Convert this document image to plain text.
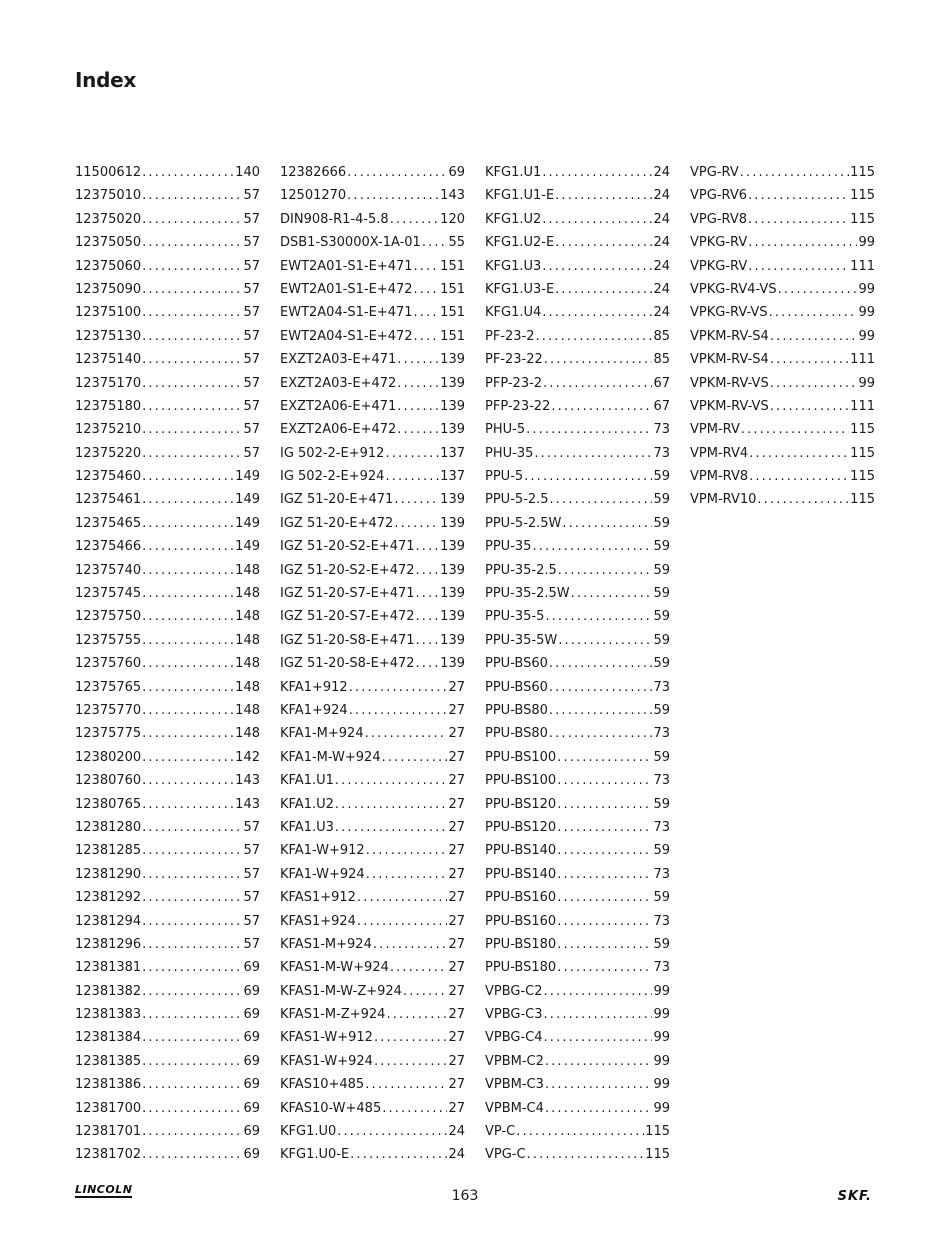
Index
11500612 . . .	140
12375010 . . .	57
12375020 . . .	57
12375050 . . .	57
12375060 . . .	57
12375090 . . .	57
12375100 . . .	57
12375130 . . .	57
12375140 . . .	57
12375170 . . .	57
12375180 . . .	57
12375210 . . .	57
12375220 . . .	57
12375460 . . .	149
12375461 . . .	149
12375465 . . .	149
12375466 . . .	149
12375740 . . .	148
12375745 . . .	148
12375750 . . .	148
12375755 . . .	148
12375760 . . .	148
12375765 . . .	148
12375770 . . .	148
12375775 . . .	148
12380200 . . .	142
12380760 . . .	143
12380765 . . .	143
12381280 . . .	57
12381285 . . .	57
12381290 . . .	57
12381292 . . .	57
12381294 . . .	57
12381296 . . .	57
12381381 . . .	69
12381382 . . .	69
12381383 . . .	69
12381384 . . .	69
12381385 . . .	69
12381386 . . .	69
12381700 . . .	69
12381701 . . .	69
12381702 . . .	69
12382666 . . .	69
12501270 . . .	143
DIN908-R1-4-5.8 . . .	120
DSB1-S30000X-1A-01 . . . 55
EWT2A01-S1-E+471 . . . 151
EWT2A01-S1-E+472 . . . 151
EWT2A04-S1-E+471 . . . 151
EWT2A04-S1-E+472 . . . 151
EXZT2A03-E+471 . . .	139
EXZT2A03-E+472 . . .	139
EXZT2A06-E+471 . . .	139
EXZT2A06-E+472 . . .	139
IG 502-2-E+912 . . .	137
IG 502-2-E+924 . . .	137
IGZ 51-20-E+471 . . .	139
IGZ 51-20-E+472 . . .	139
IGZ 51-20-S2-E+471 . . . 139
IGZ 51-20-S2-E+472 . . . 139
IGZ 51-20-S7-E+471 . . . 139
IGZ 51-20-S7-E+472 . . . 139
IGZ 51-20-S8-E+471 . . . 139
IGZ 51-20-S8-E+472 . . . 139
KFA1+912 . . .	27
KFA1+924 . . .	27
KFA1-M+924 . . .	27
KFA1-M-W+924 . . .	27
KFA1.U1 . . .	27
KFA1.U2 . . .	27
KFA1.U3 . . .	27
KFA1-W+912 . . .	27
KFA1-W+924 . . .	27
KFAS1+912 . . .	27
KFAS1+924 . . .	27
KFAS1-M+924 . . .	27
KFAS1-M-W+924 . . .	27
KFAS1-M-W-Z+924 . . .	27
KFAS1-M-Z+924 . . .	27
KFAS1-W+912 . . .	27
KFAS1-W+924 . . .	27
KFAS10+485 . . .	27
KFAS10-W+485 . . .	27
KFG1.U0 . . .	24
KFG1.U0-E . . .	24
KFG1.U1 . . .	24
KFG1.U1-E . . .	24
KFG1.U2 . . .	24
KFG1.U2-E . . .	24
KFG1.U3 . . .	24
KFG1.U3-E . . .	24
KFG1.U4 . . .	24
PF-23-2 . . .	85
PF-23-22 . . .	85
PFP-23-2 . . .	67
PFP-23-22 . . .	67
PHU-5 . . .	73
PHU-35 . . .	73
PPU-5 . . .	59
PPU-5-2.5 . . .	59
PPU-5-2.5W . . .	59
PPU-35 . . .	59
PPU-35-2.5 . . .	59
PPU-35-2.5W . . .	59
PPU-35-5 . . .	59
PPU-35-5W . . .	59
PPU-BS60 . . .	59
PPU-BS60 . . .	73
PPU-BS80 . . .	59
PPU-BS80 . . .	73
PPU-BS100 . . .	59
PPU-BS100 . . .	73
PPU-BS120 . . .	59
PPU-BS120 . . .	73
PPU-BS140 . . .	59
PPU-BS140 . . .	73
PPU-BS160 . . .	59
PPU-BS160 . . .	73
PPU-BS180 . . .	59
PPU-BS180 . . .	73
VPBG-C2 . . .	99
VPBG-C3 . . .	99
VPBG-C4 . . .	99
VPBM-C2 . . .	99
VPBM-C3 . . .	99
VPBM-C4 . . .	99
VP-C . . .	115
VPG-C . . .	115
VPG-RV . . .	115
VPG-RV6 . . .	115
VPG-RV8 . . .	115
VPKG-RV . . .	99
VPKG-RV . . .	111
VPKG-RV4-VS . . .	99
VPKG-RV-VS . . .	99
VPKM-RV-S4 . . .	99
VPKM-RV-S4 . . .	111
VPKM-RV-VS . . .	99
VPKM-RV-VS . . .	111
VPM-RV . . .	115
VPM-RV4 . . .	115
VPM-RV8 . . .	115
VPM-RV10 . . .	115
LINCOLN	163	SKF.
